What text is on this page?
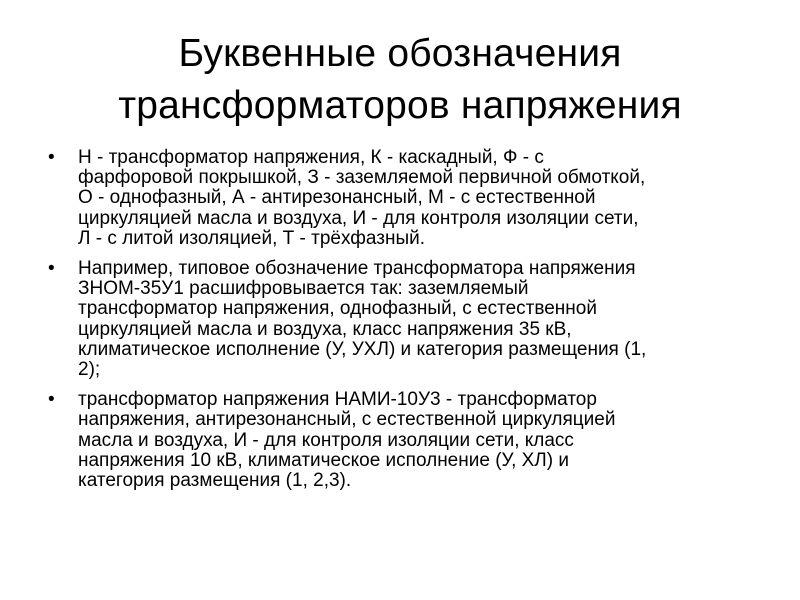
Буквенные обозначения
трансформаторов напряжения
•	Н - трансформатор напряжения, К - каскадный, Ф - с
фарфоровой покрышкой, З - заземляемой первичной обмоткой,
О - однофазный, А - антирезонансный, М - с естественной
циркуляцией масла и воздуха, И - для контроля изоляции сети,
Л - с литой изоляцией, Т - трёхфазный.
•	Например, типовое обозначение трансформатора напряжения
ЗНОМ-35У1 расшифровывается так: заземляемый
трансформатор напряжения, однофазный, с естественной
циркуляцией масла и воздуха, класс напряжения 35 кВ,
климатическое исполнение (У, УХЛ) и категория размещения (1,
2);
•	трансформатор напряжения НАМИ-10У3 - трансформатор
напряжения, антирезонансный, с естественной циркуляцией
масла и воздуха, И - для контроля изоляции сети, класс
напряжения 10 кВ, климатическое исполнение (У, ХЛ) и
категория размещения (1, 2,3).
